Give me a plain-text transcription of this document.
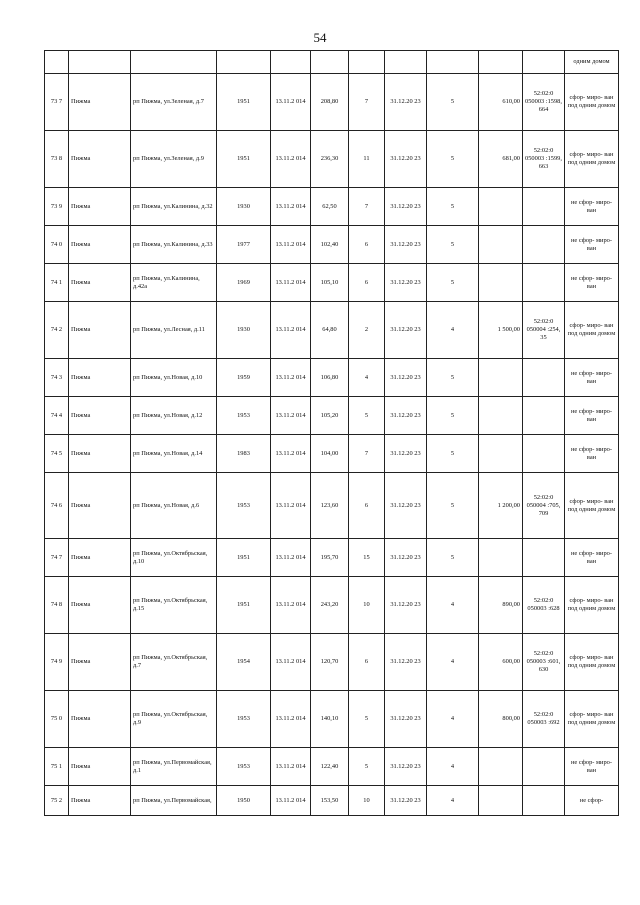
54
											одним домом
73 7	Пижма	рп Пижма, ул.Зеленая, д.7	1951	13.11.2 014	208,80	7	31.12.20 23	5	610,00	52:02:0 050003 :1598, 664	сфор- миро- ван под одним домом
73 8	Пижма	рп Пижма, ул.Зеленая, д.9	1951	13.11.2 014	236,30	11	31.12.20 23	5	681,00	52:02:0 050003 :1599, 663	сфор- миро- ван под одним домом
73 9	Пижма	рп Пижма, ул.Калинина, д.32	1930	13.11.2 014	62,50	7	31.12.20 23	5			не сфор- миро- ван
74 0	Пижма	рп Пижма, ул.Калинина, д.33	1977	13.11.2 014	102,40	6	31.12.20 23	5			не сфор- миро- ван
74 1	Пижма	рп Пижма, ул.Калинина, д.42а	1969	13.11.2 014	105,10	6	31.12.20 23	5			не сфор- миро- ван
74 2	Пижма	рп Пижма, ул.Лесная, д.11	1930	13.11.2 014	64,80	2	31.12.20 23	4	1 500,00	52:02:0 050004 :254, 35	сфор- миро- ван под одним домом
74 3	Пижма	рп Пижма, ул.Новая, д.10	1959	13.11.2 014	106,80	4	31.12.20 23	5			не сфор- миро- ван
74 4	Пижма	рп Пижма, ул.Новая, д.12	1953	13.11.2 014	105,20	5	31.12.20 23	5			не сфор- миро- ван
74 5	Пижма	рп Пижма, ул.Новая, д.14	1983	13.11.2 014	104,00	7	31.12.20 23	5			не сфор- миро- ван
74 6	Пижма	рп Пижма, ул.Новая, д.6	1953	13.11.2 014	123,60	6	31.12.20 23	5	1 200,00	52:02:0 050004 :705, 709	сфор- миро- ван под одним домом
74 7	Пижма	рп Пижма, ул.Октябрьская, д.10	1951	13.11.2 014	195,70	15	31.12.20 23	5			не сфор- миро- ван
74 8	Пижма	рп Пижма, ул.Октябрьская, д.15	1951	13.11.2 014	243,20	10	31.12.20 23	4	890,00	52:02:0 050003 :628	сфор- миро- ван под одним домом
74 9	Пижма	рп Пижма, ул.Октябрьская, д.7	1954	13.11.2 014	120,70	6	31.12.20 23	4	600,00	52:02:0 050003 :601, 630	сфор- миро- ван под одним домом
75 0	Пижма	рп Пижма, ул.Октябрьская, д.9	1953	13.11.2 014	140,10	5	31.12.20 23	4	800,00	52:02:0 050003 :692	сфор- миро- ван под одним домом
75 1	Пижма	рп Пижма, ул.Первомайская, д.1	1953	13.11.2 014	122,40	5	31.12.20 23	4			не сфор- миро- ван
75 2	Пижма	рп Пижма, ул.Первомайская,	1950	13.11.2 014	153,50	10	31.12.20 23	4			не сфор-
